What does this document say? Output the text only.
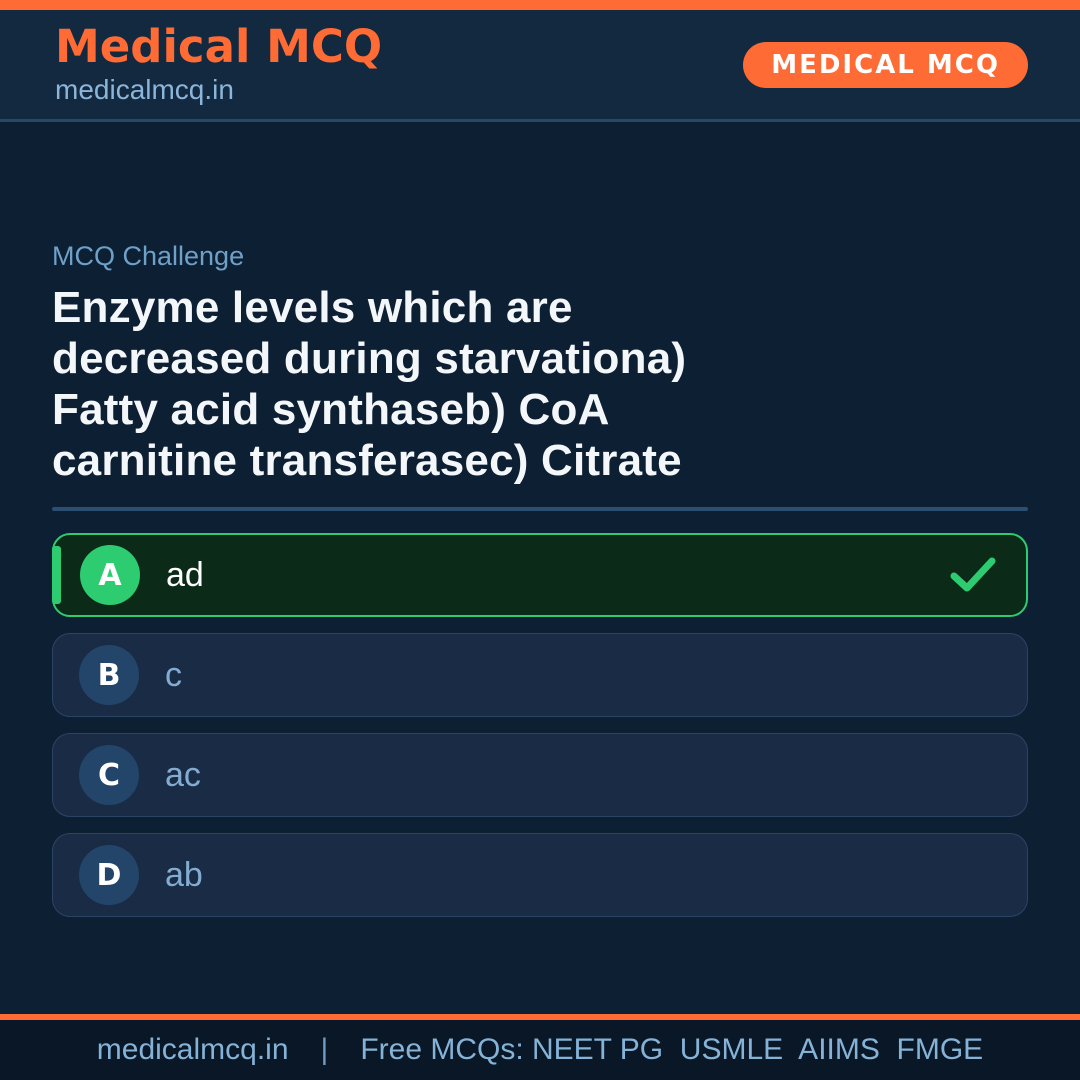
Medical MCQ
medicalmcq.in
MEDICAL MCQ
MCQ Challenge
Enzyme levels which are
decreased during starvationa)
Fatty acid synthaseb) CoA
carnitine transferasec) Citrate
A	ad
B	c
C	ac
D	ab
medicalmcq.in | Free MCQs: NEET PG  USMLE  AIIMS  FMGE
